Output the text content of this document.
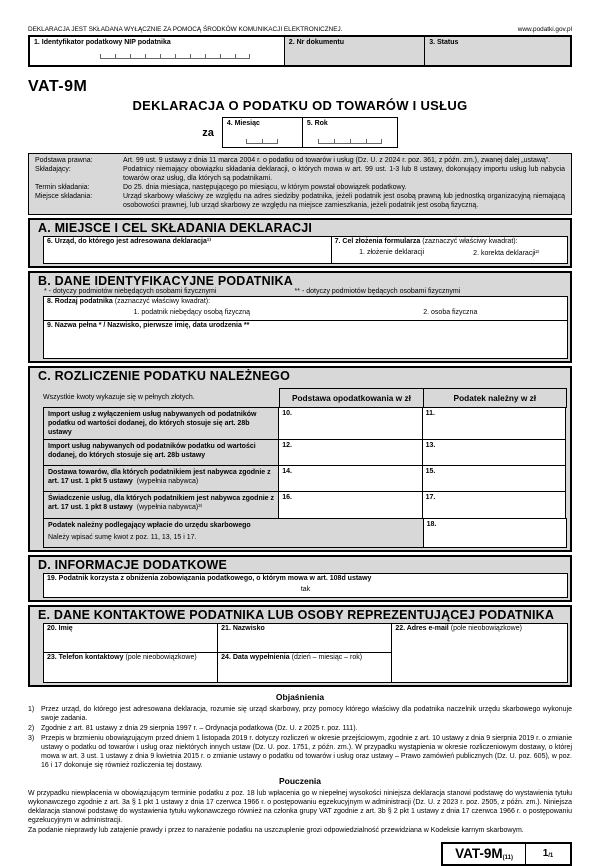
DEKLARACJA JEST SKŁADANA WYŁĄCZNIE ZA POMOCĄ ŚRODKÓW KOMUNIKACJI ELEKTRONICZNEJ.	www.podatki.gov.pl
1. Identyfikator podatkowy NIP podatnika	2. Nr dokumentu	3. Status
VAT-9M
DEKLARACJA O PODATKU OD TOWARÓW I USŁUG
za
4. Miesiąc	5. Rok
Podstawa prawna:	Art. 99 ust. 9 ustawy z dnia 11 marca 2004 r. o podatku od towarów i usług (Dz. U. z 2024 r. poz. 361, z późn. zm.), zwanej dalej „ustawą”.
Składający:	Podatnicy niemający obowiązku składania deklaracji, o których mowa w art. 99 ust. 1-3 lub 8 ustawy, dokonujący importu usług lub nabycia towarów oraz usług, dla których są podatnikami.
Termin składania:	Do 25. dnia miesiąca, następującego po miesiącu, w którym powstał obowiązek podatkowy.
Miejsce składania:	Urząd skarbowy właściwy ze względu na adres siedziby podatnika, jeżeli podatnik jest osobą prawną lub jednostką organizacyjną niemającą osobowości prawnej, lub urząd skarbowy ze względu na miejsce zamieszkania, jeżeli podatnik jest osobą fizyczną.
A. MIEJSCE I CEL SKŁADANIA DEKLARACJI
6. Urząd, do którego jest adresowana deklaracja¹⁾	7. Cel złożenia formularza (zaznaczyć właściwy kwadrat):
1. złożenie deklaracji	2. korekta deklaracji²⁾
B. DANE IDENTYFIKACYJNE PODATNIKA
* - dotyczy podmiotów niebędących osobami fizycznymi	** - dotyczy podmiotów będących osobami fizycznymi
8. Rodzaj podatnika (zaznaczyć właściwy kwadrat):
1. podatnik niebędący osobą fizyczną	2. osoba fizyczna
9. Nazwa pełna * / Nazwisko, pierwsze imię, data urodzenia **
C. ROZLICZENIE PODATKU NALEŻNEGO
Wszystkie kwoty wykazuje się w pełnych złotych.	Podstawa opodatkowania w zł	Podatek należny w zł
Import usług z wyłączeniem usług nabywanych od podatników podatku od wartości dodanej, do których stosuje się art. 28b ustawy
10.	11.
Import usług nabywanych od podatników podatku od wartości dodanej, do których stosuje się art. 28b ustawy
12.	13.
Dostawa towarów, dla których podatnikiem jest nabywca zgodnie z art. 17 ust. 1 pkt 5 ustawy (wypełnia nabywca)
14.	15.
Świadczenie usług, dla których podatnikiem jest nabywca zgodnie z art. 17 ust. 1 pkt 8 ustawy (wypełnia nabywca)³⁾
16.	17.
Podatek należny podlegający wpłacie do urzędu skarbowego
Należy wpisać sumę kwot z poz. 11, 13, 15 i 17.
18.
D. INFORMACJE DODATKOWE
19. Podatnik korzysta z obniżenia zobowiązania podatkowego, o którym mowa w art. 108d ustawy
tak
E. DANE KONTAKTOWE PODATNIKA LUB OSOBY REPREZENTUJĄCEJ PODATNIKA
20. Imię	21. Nazwisko	22. Adres e-mail (pole nieobowiązkowe)
23. Telefon kontaktowy (pole nieobowiązkowe)	24. Data wypełnienia (dzień – miesiąc – rok)
Objaśnienia
1) Przez urząd, do którego jest adresowana deklaracja, rozumie się urząd skarbowy, przy pomocy którego właściwy dla podatnika naczelnik urzędu skarbowego wykonuje swoje zadania.
2) Zgodnie z art. 81 ustawy z dnia 29 sierpnia 1997 r. – Ordynacja podatkowa (Dz. U. z 2025 r. poz. 111).
3) Przepis w brzmieniu obowiązującym przed dniem 1 listopada 2019 r. dotyczy rozliczeń w okresie przejściowym, zgodnie z art. 10 ustawy z dnia 9 sierpnia 2019 r. o zmianie ustawy o podatku od towarów i usług oraz niektórych innych ustaw (Dz. U. poz. 1751, z późn. zm.). W przypadku wystąpienia w okresie rozliczeniowym dostawy, o której mowa w art. 3 ust. 1 ustawy z dnia 9 kwietnia 2015 r. o zmianie ustawy o podatku od towarów i usług oraz ustawy – Prawo zamówień publicznych (Dz. U. poz. 605), w poz. 16 i 17 dokonuje się również rozliczenia tej dostawy.
Pouczenia
W przypadku niewpłacenia w obowiązującym terminie podatku z poz. 18 lub wpłacenia go w niepełnej wysokości niniejsza deklaracja stanowi podstawę do wystawienia tytułu wykonawczego zgodnie z art. 3a § 1 pkt 1 ustawy z dnia 17 czerwca 1966 r. o postępowaniu egzekucyjnym w administracji (Dz. U. z 2023 r. poz. 2505, z późn. zm.). Niniejsza deklaracja stanowi podstawę do wystawienia tytułu wykonawczego również na członka grupy VAT zgodnie z art. 3b § 2 pkt 1 ustawy z dnia 17 czerwca 1966 r. o postępowaniu egzekucyjnym w administracji.
Za podanie nieprawdy lub zatajenie prawdy i przez to narażenie podatku na uszczuplenie grozi odpowiedzialność przewidziana w Kodeksie karnym skarbowym.
VAT-9M(11)	1/1
